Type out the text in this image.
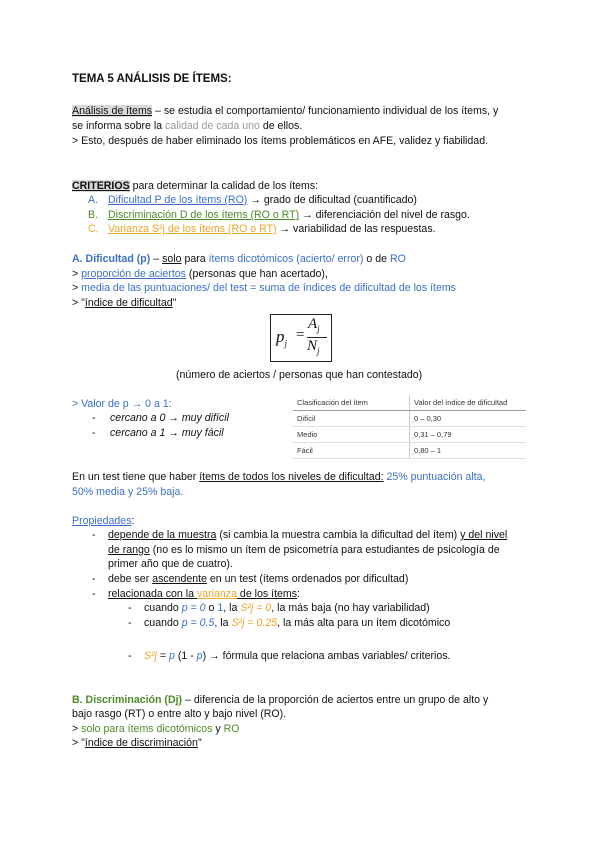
TEMA 5 ANÁLISIS DE ÍTEMS:
Análisis de ítems – se estudia el comportamiento/ funcionamiento individual de los ítems, y
se informa sobre la calidad de cada uno de ellos.
> Esto, después de haber eliminado los ítems problemáticos en AFE, validez y fiabilidad.
CRITERIOS para determinar la calidad de los ítems:
A. Dificultad P de los ítems (RO) → grado de dificultad (cuantificado)
B. Discriminación D de los ítems (RO o RT) → diferenciación del nivel de rasgo.
C. Varianza S²j de los ítems (RO o RT) → variabilidad de las respuestas.
A. Dificultad (p) – solo para ítems dicotómicos (acierto/ error) o de RO
> proporción de aciertos (personas que han acertado),
> media de las puntuaciones/ del test = suma de índices de dificultad de los ítems
> "índice de dificultad"
$p_j$
=
$A_j$
$N_j$
(número de aciertos / personas que han contestado)
> Valor de p → 0 a 1:
- cercano a 0 → muy difícil
- cercano a 1 → muy fácil
Clasificación del ítem	Valor del índice de dificultad
Difícil	0 – 0,30
Medio	0,31 – 0,79
Fácil	0,80 – 1
En un test tiene que haber ítems de todos los niveles de dificultad: 25% puntuación alta,
50% media y 25% baja.
Propiedades:
- depende de la muestra (si cambia la muestra cambia la dificultad del ítem) y del nivel
de rango (no es lo mismo un ítem de psicometría para estudiantes de psicología de
primer año que de cuatro).
- debe ser ascendente en un test (ítems ordenados por dificultad)
- relacionada con la varianza de los ítems:
- cuando p = 0 o 1, la S²j = 0, la más baja (no hay variabilidad)
- cuando p = 0.5, la S²j = 0.25, la más alta para un ítem dicotómico
- S²j = p (1 - p) → fórmula que relaciona ambas variables/ criterios.
B. Discriminación (Dj) – diferencia de la proporción de aciertos entre un grupo de alto y
bajo rasgo (RT) o entre alto y bajo nivel (RO).
> solo para ítems dicotómicos y RO
> "índice de discriminación"
